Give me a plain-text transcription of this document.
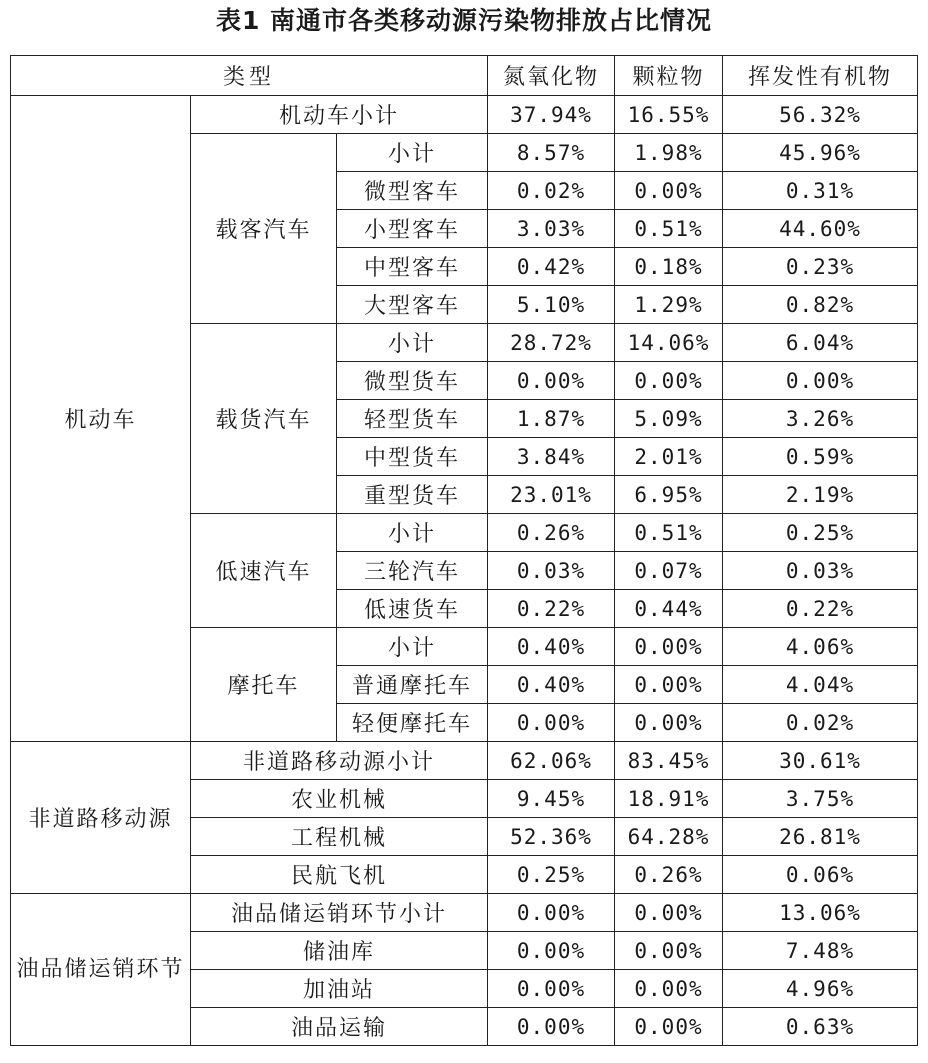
表1 南通市各类移动源污染物排放占比情况
类型			氮氧化物	颗粒物	挥发性有机物
机动车	机动车小计		37.94%	16.55%	56.32%
	载客汽车	小计	8.57%	1.98%	45.96%
		微型客车	0.02%	0.00%	0.31%
		小型客车	3.03%	0.51%	44.60%
		中型客车	0.42%	0.18%	0.23%
		大型客车	5.10%	1.29%	0.82%
	载货汽车	小计	28.72%	14.06%	6.04%
		微型货车	0.00%	0.00%	0.00%
		轻型货车	1.87%	5.09%	3.26%
		中型货车	3.84%	2.01%	0.59%
		重型货车	23.01%	6.95%	2.19%
	低速汽车	小计	0.26%	0.51%	0.25%
		三轮汽车	0.03%	0.07%	0.03%
		低速货车	0.22%	0.44%	0.22%
	摩托车	小计	0.40%	0.00%	4.06%
		普通摩托车	0.40%	0.00%	4.04%
		轻便摩托车	0.00%	0.00%	0.02%
非道路移动源	非道路移动源小计		62.06%	83.45%	30.61%
	农业机械		9.45%	18.91%	3.75%
	工程机械		52.36%	64.28%	26.81%
	民航飞机		0.25%	0.26%	0.06%
油品储运销环节	油品储运销环节小计		0.00%	0.00%	13.06%
	储油库		0.00%	0.00%	7.48%
	加油站		0.00%	0.00%	4.96%
	油品运输		0.00%	0.00%	0.63%
